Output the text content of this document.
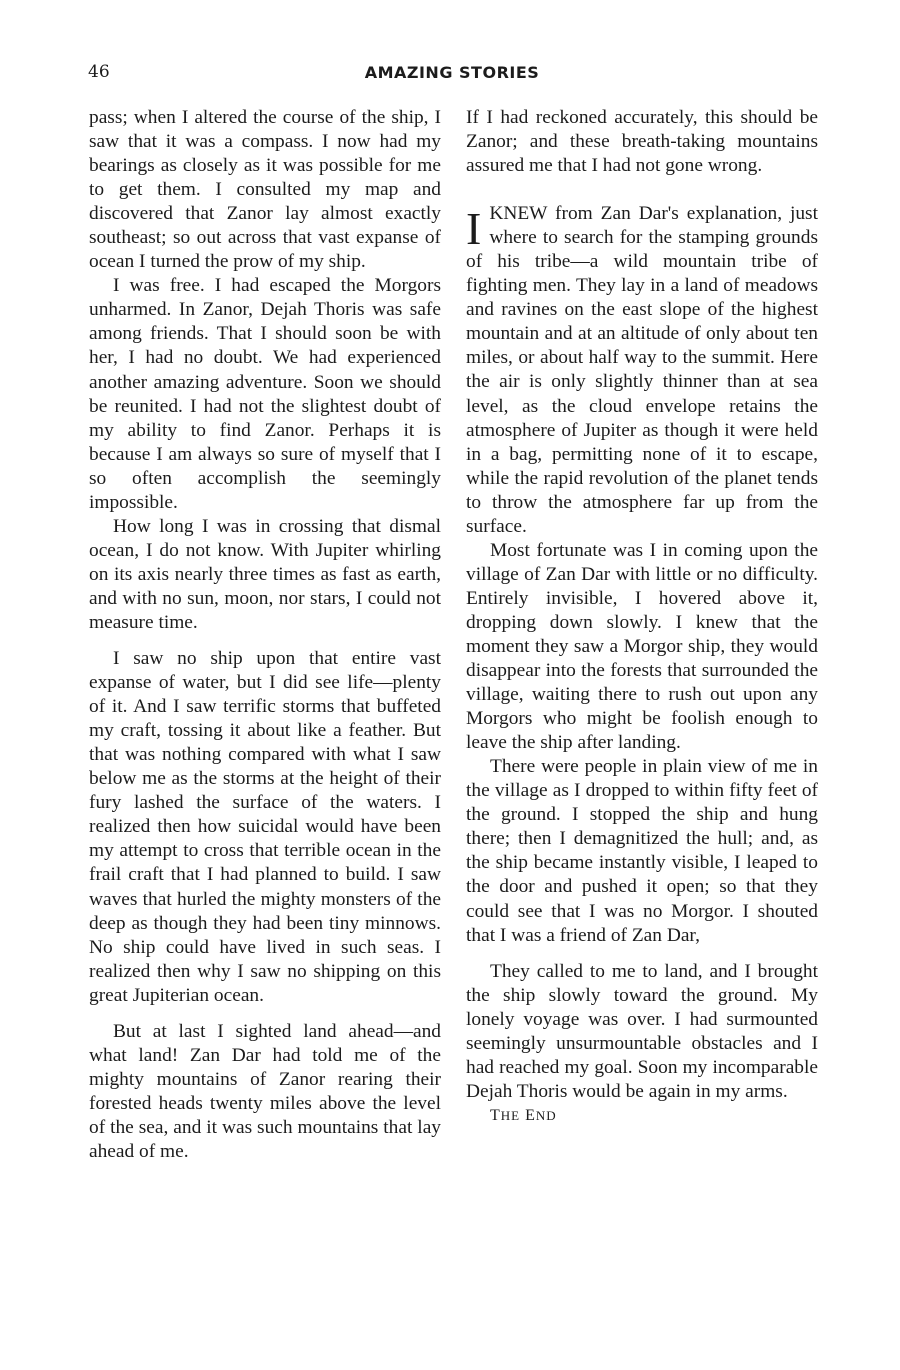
46	AMAZING STORIES

pass; when I altered the course of the ship, I saw that it was a compass. I now had my bearings as closely as it was possible for me to get them. I consulted my map and discovered that Zanor lay almost exactly southeast; so out across that vast expanse of ocean I turned the prow of my ship.

I was free. I had escaped the Morgors unharmed. In Zanor, Dejah Thoris was safe among friends. That I should soon be with her, I had no doubt. We had experienced another amazing adventure. Soon we should be reunited. I had not the slightest doubt of my ability to find Zanor. Perhaps it is because I am always so sure of myself that I so often accomplish the seemingly impossible.

How long I was in crossing that dismal ocean, I do not know. With Jupiter whirling on its axis nearly three times as fast as earth, and with no sun, moon, nor stars, I could not measure time.

I saw no ship upon that entire vast expanse of water, but I did see life—plenty of it. And I saw terrific storms that buffeted my craft, tossing it about like a feather. But that was nothing compared with what I saw below me as the storms at the height of their fury lashed the surface of the waters. I realized then how suicidal would have been my attempt to cross that terrible ocean in the frail craft that I had planned to build. I saw waves that hurled the mighty monsters of the deep as though they had been tiny minnows. No ship could have lived in such seas. I realized then why I saw no shipping on this great Jupiterian ocean.

But at last I sighted land ahead—and what land! Zan Dar had told me of the mighty mountains of Zanor rearing their forested heads twenty miles above the level of the sea, and it was such mountains that lay ahead of me.

If I had reckoned accurately, this should be Zanor; and these breath-taking mountains assured me that I had not gone wrong.

IKNEW from Zan Dar's explanation, just where to search for the stamping grounds of his tribe—a wild mountain tribe of fighting men. They lay in a land of meadows and ravines on the east slope of the highest mountain and at an altitude of only about ten miles, or about half way to the summit. Here the air is only slightly thinner than at sea level, as the cloud envelope retains the atmosphere of Jupiter as though it were held in a bag, permitting none of it to escape, while the rapid revolution of the planet tends to throw the atmosphere far up from the surface.

Most fortunate was I in coming upon the village of Zan Dar with little or no difficulty. Entirely invisible, I hovered above it, dropping down slowly. I knew that the moment they saw a Morgor ship, they would disappear into the forests that surrounded the village, waiting there to rush out upon any Morgors who might be foolish enough to leave the ship after landing.

There were people in plain view of me in the village as I dropped to within fifty feet of the ground. I stopped the ship and hung there; then I demagnitized the hull; and, as the ship became instantly visible, I leaped to the door and pushed it open; so that they could see that I was no Morgor. I shouted that I was a friend of Zan Dar,

They called to me to land, and I brought the ship slowly toward the ground. My lonely voyage was over. I had surmounted seemingly unsurmountable obstacles and I had reached my goal. Soon my incomparable Dejah Thoris would be again in my arms.

THE END
